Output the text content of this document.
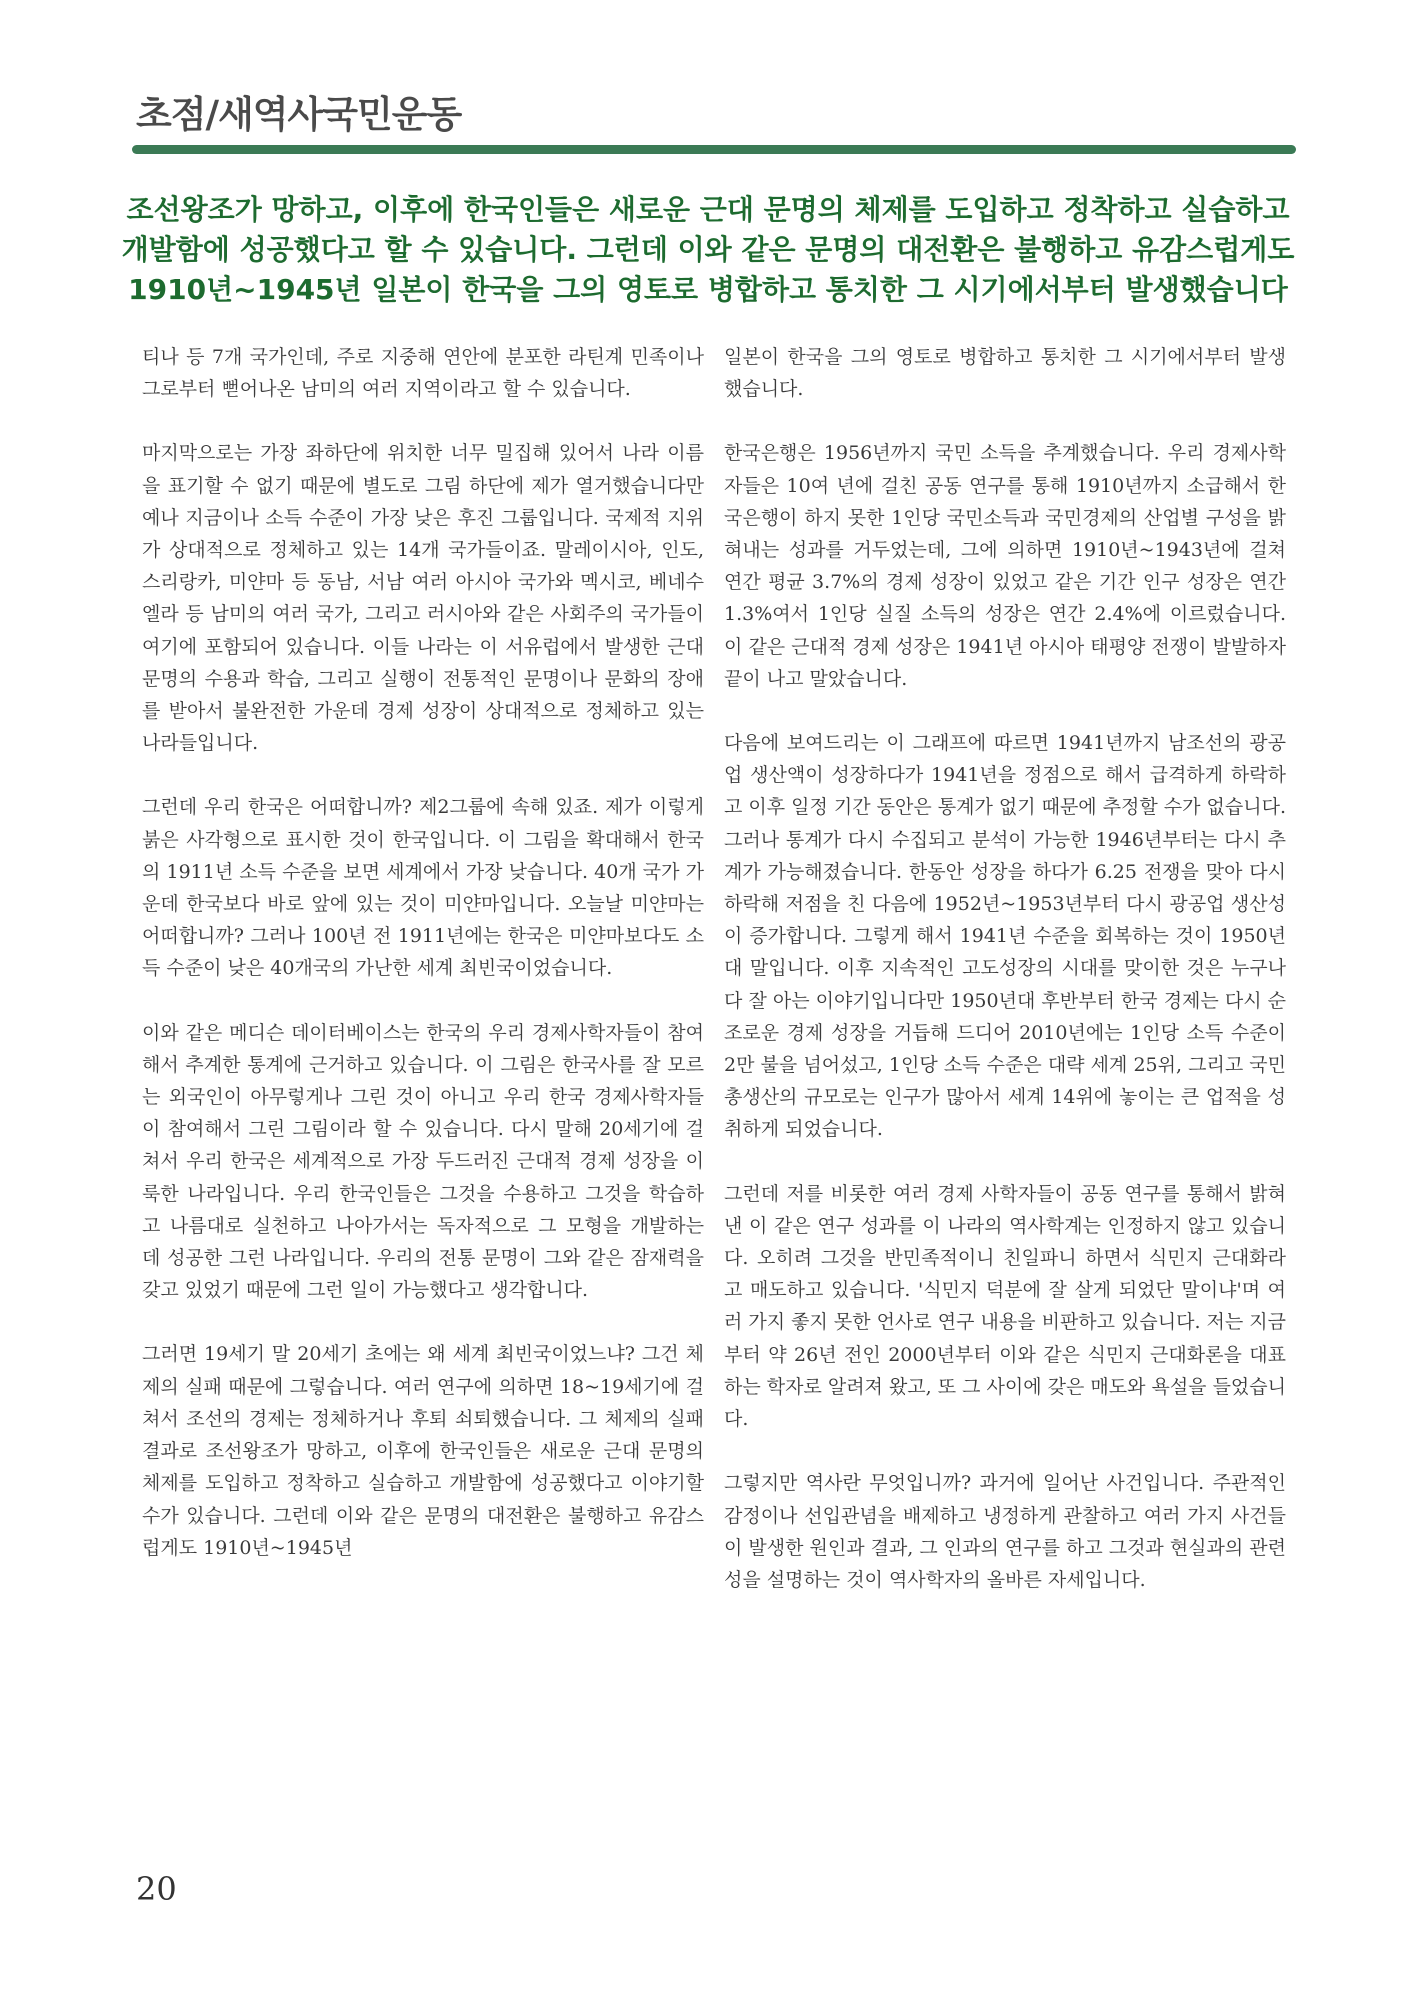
초점/새역사국민운동
조선왕조가 망하고, 이후에 한국인들은 새로운 근대 문명의 체제를 도입하고 정착하고 실습하고
개발함에 성공했다고 할 수 있습니다. 그런데 이와 같은 문명의 대전환은 불행하고 유감스럽게도
1910년~1945년 일본이 한국을 그의 영토로 병합하고 통치한 그 시기에서부터 발생했습니다

티나 등 7개 국가인데, 주로 지중해 연안에 분포한 라틴계 민족이나 그로부터 뻗어나온 남미의 여러 지역이라고 할 수 있습니다.

마지막으로는 가장 좌하단에 위치한 너무 밀집해 있어서 나라 이름을 표기할 수 없기 때문에 별도로 그림 하단에 제가 열거했습니다만 예나 지금이나 소득 수준이 가장 낮은 후진 그룹입니다. 국제적 지위가 상대적으로 정체하고 있는 14개 국가들이죠. 말레이시아, 인도, 스리랑카, 미얀마 등 동남, 서남 여러 아시아 국가와 멕시코, 베네수엘라 등 남미의 여러 국가, 그리고 러시아와 같은 사회주의 국가들이 여기에 포함되어 있습니다. 이들 나라는 이 서유럽에서 발생한 근대 문명의 수용과 학습, 그리고 실행이 전통적인 문명이나 문화의 장애를 받아서 불완전한 가운데 경제 성장이 상대적으로 정체하고 있는 나라들입니다.

그런데 우리 한국은 어떠합니까? 제2그룹에 속해 있죠. 제가 이렇게 붉은 사각형으로 표시한 것이 한국입니다. 이 그림을 확대해서 한국의 1911년 소득 수준을 보면 세계에서 가장 낮습니다. 40개 국가 가운데 한국보다 바로 앞에 있는 것이 미얀마입니다. 오늘날 미얀마는 어떠합니까? 그러나 100년 전 1911년에는 한국은 미얀마보다도 소득 수준이 낮은 40개국의 가난한 세계 최빈국이었습니다.

이와 같은 메디슨 데이터베이스는 한국의 우리 경제사학자들이 참여해서 추계한 통계에 근거하고 있습니다. 이 그림은 한국사를 잘 모르는 외국인이 아무렇게나 그린 것이 아니고 우리 한국 경제사학자들이 참여해서 그린 그림이라 할 수 있습니다. 다시 말해 20세기에 걸쳐서 우리 한국은 세계적으로 가장 두드러진 근대적 경제 성장을 이룩한 나라입니다. 우리 한국인들은 그것을 수용하고 그것을 학습하고 나름대로 실천하고 나아가서는 독자적으로 그 모형을 개발하는 데 성공한 그런 나라입니다. 우리의 전통 문명이 그와 같은 잠재력을 갖고 있었기 때문에 그런 일이 가능했다고 생각합니다.

그러면 19세기 말 20세기 초에는 왜 세계 최빈국이었느냐? 그건 체제의 실패 때문에 그렇습니다. 여러 연구에 의하면 18~19세기에 걸쳐서 조선의 경제는 정체하거나 후퇴 쇠퇴했습니다. 그 체제의 실패 결과로 조선왕조가 망하고, 이후에 한국인들은 새로운 근대 문명의 체제를 도입하고 정착하고 실습하고 개발함에 성공했다고 이야기할 수가 있습니다. 그런데 이와 같은 문명의 대전환은 불행하고 유감스럽게도 1910년~1945년

일본이 한국을 그의 영토로 병합하고 통치한 그 시기에서부터 발생했습니다.

한국은행은 1956년까지 국민 소득을 추계했습니다. 우리 경제사학자들은 10여 년에 걸친 공동 연구를 통해 1910년까지 소급해서 한국은행이 하지 못한 1인당 국민소득과 국민경제의 산업별 구성을 밝혀내는 성과를 거두었는데, 그에 의하면 1910년~1943년에 걸쳐 연간 평균 3.7%의 경제 성장이 있었고 같은 기간 인구 성장은 연간 1.3%여서 1인당 실질 소득의 성장은 연간 2.4%에 이르렀습니다. 이 같은 근대적 경제 성장은 1941년 아시아 태평양 전쟁이 발발하자 끝이 나고 말았습니다.

다음에 보여드리는 이 그래프에 따르면 1941년까지 남조선의 광공업 생산액이 성장하다가 1941년을 정점으로 해서 급격하게 하락하고 이후 일정 기간 동안은 통계가 없기 때문에 추정할 수가 없습니다. 그러나 통계가 다시 수집되고 분석이 가능한 1946년부터는 다시 추계가 가능해졌습니다. 한동안 성장을 하다가 6.25 전쟁을 맞아 다시 하락해 저점을 친 다음에 1952년~1953년부터 다시 광공업 생산성이 증가합니다. 그렇게 해서 1941년 수준을 회복하는 것이 1950년대 말입니다. 이후 지속적인 고도성장의 시대를 맞이한 것은 누구나 다 잘 아는 이야기입니다만 1950년대 후반부터 한국 경제는 다시 순조로운 경제 성장을 거듭해 드디어 2010년에는 1인당 소득 수준이 2만 불을 넘어섰고, 1인당 소득 수준은 대략 세계 25위, 그리고 국민 총생산의 규모로는 인구가 많아서 세계 14위에 놓이는 큰 업적을 성취하게 되었습니다.

그런데 저를 비롯한 여러 경제 사학자들이 공동 연구를 통해서 밝혀낸 이 같은 연구 성과를 이 나라의 역사학계는 인정하지 않고 있습니다. 오히려 그것을 반민족적이니 친일파니 하면서 식민지 근대화라고 매도하고 있습니다. '식민지 덕분에 잘 살게 되었단 말이냐'며 여러 가지 좋지 못한 언사로 연구 내용을 비판하고 있습니다. 저는 지금부터 약 26년 전인 2000년부터 이와 같은 식민지 근대화론을 대표하는 학자로 알려져 왔고, 또 그 사이에 갖은 매도와 욕설을 들었습니다.

그렇지만 역사란 무엇입니까? 과거에 일어난 사건입니다. 주관적인 감정이나 선입관념을 배제하고 냉정하게 관찰하고 여러 가지 사건들이 발생한 원인과 결과, 그 인과의 연구를 하고 그것과 현실과의 관련성을 설명하는 것이 역사학자의 올바른 자세입니다.

20
